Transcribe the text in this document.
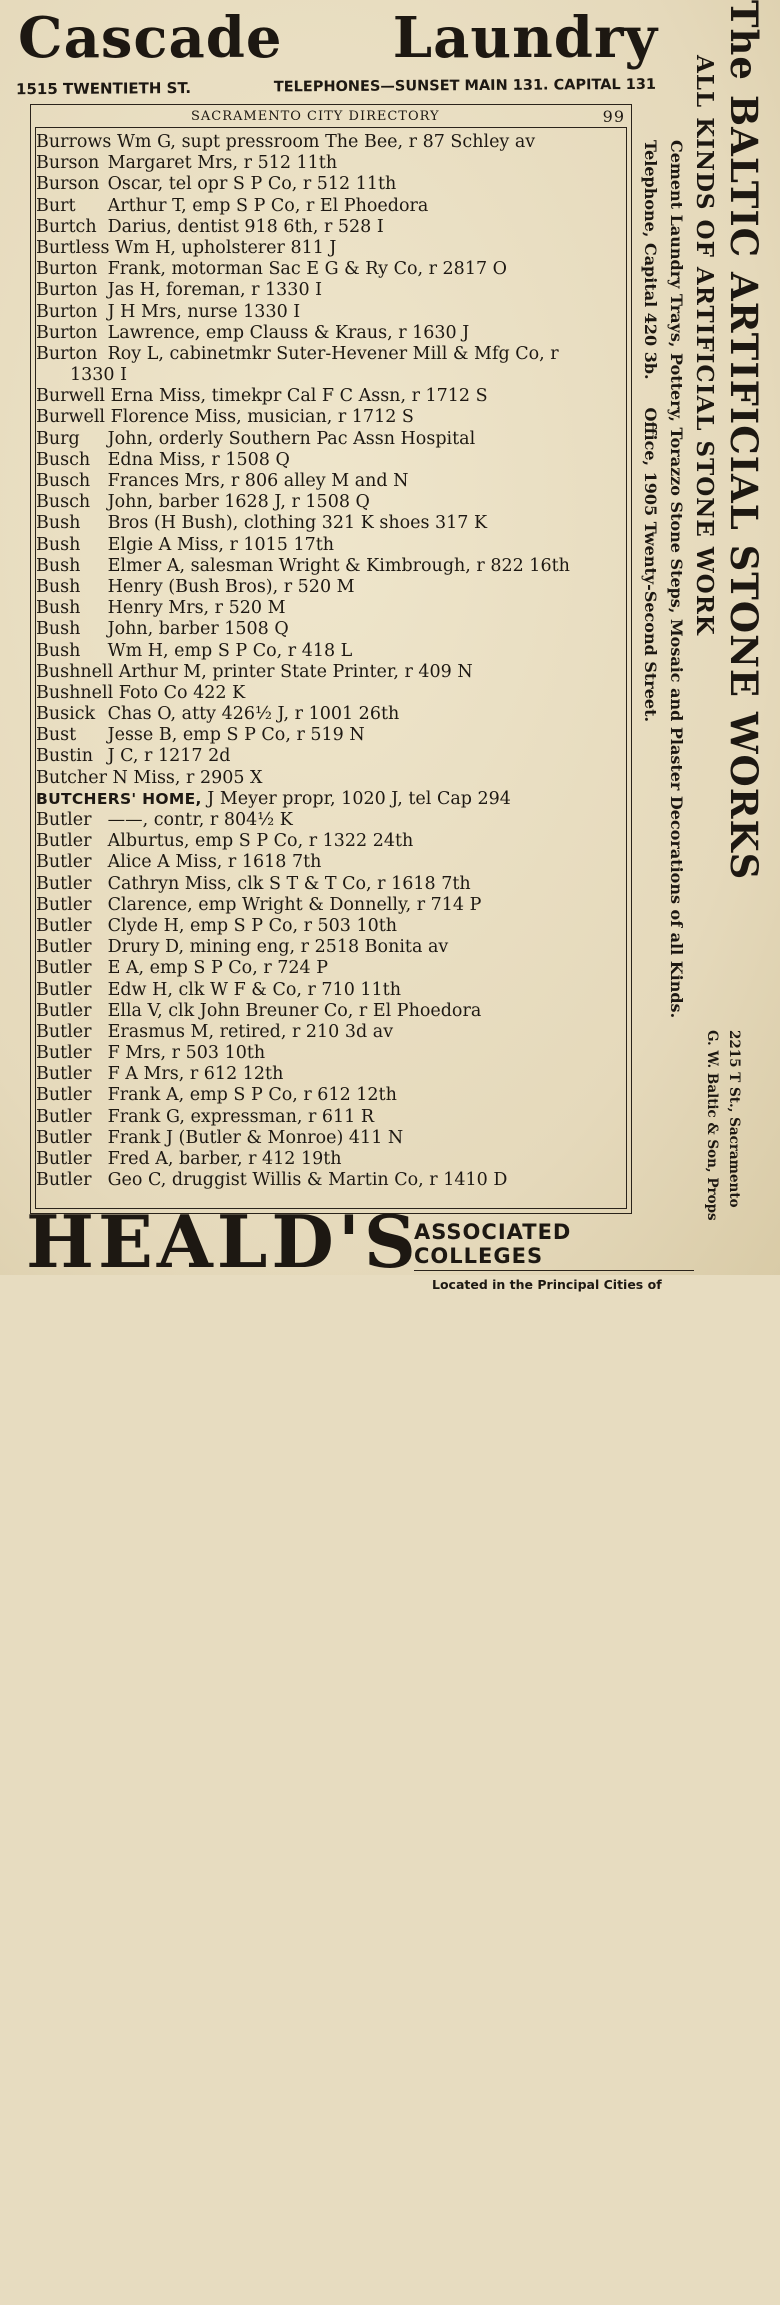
Cascade Laundry
1515 TWENTIETH ST.	TELEPHONES—SUNSET MAIN 131. CAPITAL 131
SACRAMENTO CITY DIRECTORY	99
Burrows Wm G, supt pressroom The Bee, r 87 Schley av
Burson Margaret Mrs, r 512 11th
Burson Oscar, tel opr S P Co, r 512 11th
Burt Arthur T, emp S P Co, r El Phoedora
Burtch Darius, dentist 918 6th, r 528 I
Burtless Wm H, upholsterer 811 J
Burton Frank, motorman Sac E G & Ry Co, r 2817 O
Burton Jas H, foreman, r 1330 I
Burton J H Mrs, nurse 1330 I
Burton Lawrence, emp Clauss & Kraus, r 1630 J
Burton Roy L, cabinetmkr Suter-Hevener Mill & Mfg Co, r
1330 I
Burwell Erna Miss, timekpr Cal F C Assn, r 1712 S
Burwell Florence Miss, musician, r 1712 S
Burg John, orderly Southern Pac Assn Hospital
Busch Edna Miss, r 1508 Q
Busch Frances Mrs, r 806 alley M and N
Busch John, barber 1628 J, r 1508 Q
Bush Bros (H Bush), clothing 321 K shoes 317 K
Bush Elgie A Miss, r 1015 17th
Bush Elmer A, salesman Wright & Kimbrough, r 822 16th
Bush Henry (Bush Bros), r 520 M
Bush Henry Mrs, r 520 M
Bush John, barber 1508 Q
Bush Wm H, emp S P Co, r 418 L
Bushnell Arthur M, printer State Printer, r 409 N
Bushnell Foto Co 422 K
Busick Chas O, atty 426½ J, r 1001 26th
Bust Jesse B, emp S P Co, r 519 N
Bustin J C, r 1217 2d
Butcher N Miss, r 2905 X
BUTCHERS' HOME, J Meyer propr, 1020 J, tel Cap 294
Butler ——, contr, r 804½ K
Butler Alburtus, emp S P Co, r 1322 24th
Butler Alice A Miss, r 1618 7th
Butler Cathryn Miss, clk S T & T Co, r 1618 7th
Butler Clarence, emp Wright & Donnelly, r 714 P
Butler Clyde H, emp S P Co, r 503 10th
Butler Drury D, mining eng, r 2518 Bonita av
Butler E A, emp S P Co, r 724 P
Butler Edw H, clk W F & Co, r 710 11th
Butler Ella V, clk John Breuner Co, r El Phoedora
Butler Erasmus M, retired, r 210 3d av
Butler F Mrs, r 503 10th
Butler F A Mrs, r 612 12th
Butler Frank A, emp S P Co, r 612 12th
Butler Frank G, expressman, r 611 R
Butler Frank J (Butler & Monroe) 411 N
Butler Fred A, barber, r 412 19th
Butler Geo C, druggist Willis & Martin Co, r 1410 D
The BALTIC ARTIFICIAL STONE WORKS
ALL KINDS OF ARTIFICIAL STONE WORK
Cement Laundry Trays, Pottery, Torazzo Stone Steps, Mosaic and Plaster Decorations of all Kinds.
Telephone, Capital 420 3b.     Office, 1905 Twenty-Second Street.
2215 T St., Sacramento
G. W. Baltic & Son, Props
HEALD'S
ASSOCIATED COLLEGES
Located in the Principal Cities of
